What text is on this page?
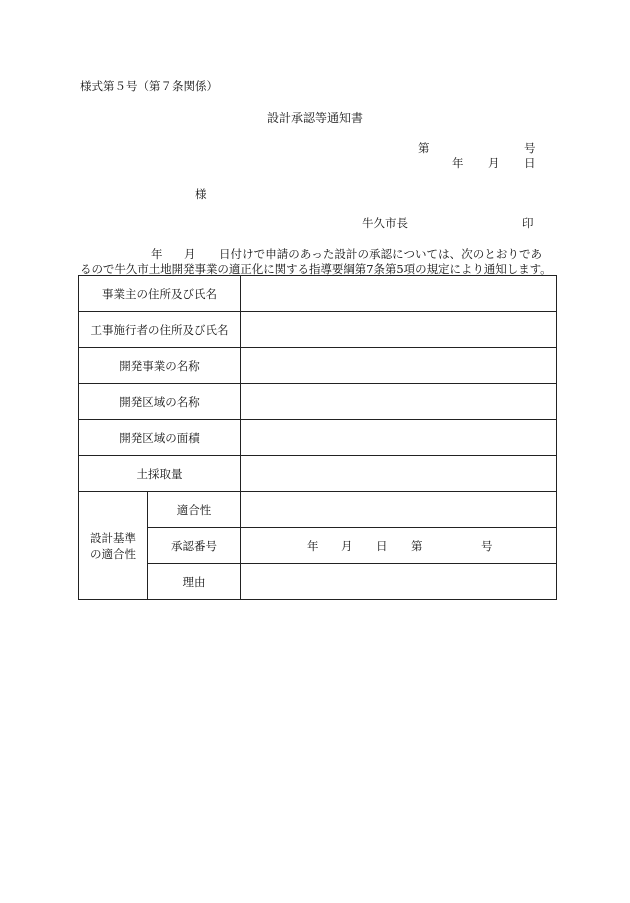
様式第５号（第７条関係）
設計承認等通知書
第	号
年 月 日
様
牛久市長	印
年 月 日付けで申請のあった設計の承認については、次のとおりであ
るので牛久市土地開発事業の適正化に関する指導要綱第7条第5項の規定により通知します。
事業主の住所及び氏名		
工事施行者の住所及び氏名		
開発事業の名称		
開発区域の名称		
開発区域の面積		
土採取量		

設計基準
の適合性	適合性	
	承認番号	年 月 日 第 号

	理由	
